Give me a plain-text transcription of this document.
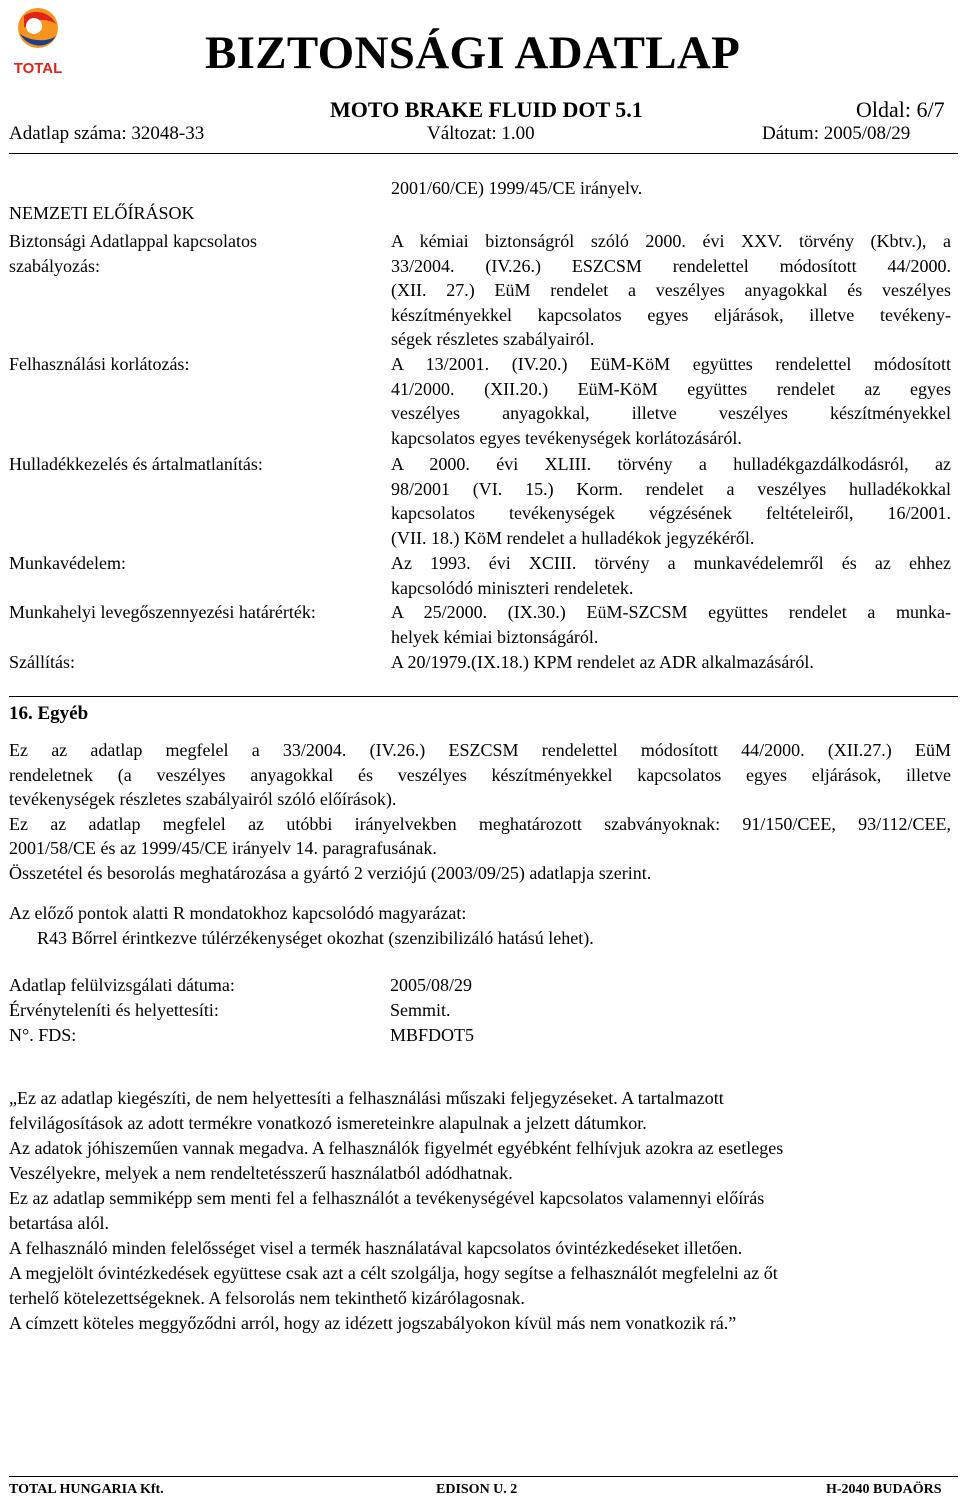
TOTAL	BIZTONSÁGI ADATLAP
MOTO BRAKE FLUID DOT 5.1	Oldal: 6/7
Adatlap száma: 32048-33	Változat: 1.00	Dátum: 2005/08/29
2001/60/CE) 1999/45/CE irányelv.
NEMZETI ELŐÍRÁSOK
Biztonsági Adatlappal kapcsolatos
szabályozás:
A kémiai biztonságról szóló 2000. évi XXV. törvény (Kbtv.), a
33/2004. (IV.26.) ESZCSM rendelettel módosított 44/2000.
(XII. 27.) EüM rendelet a veszélyes anyagokkal és veszélyes
készítményekkel kapcsolatos egyes eljárások, illetve tevékeny-
ségek részletes szabályairól.
Felhasználási korlátozás:	A 13/2001. (IV.20.) EüM-KöM együttes rendelettel módosított
41/2000. (XII.20.) EüM-KöM együttes rendelet az egyes
veszélyes anyagokkal, illetve veszélyes készítményekkel
kapcsolatos egyes tevékenységek korlátozásáról.
Hulladékkezelés és ártalmatlanítás:	A 2000. évi XLIII. törvény a hulladékgazdálkodásról, az
98/2001 (VI. 15.) Korm. rendelet a veszélyes hulladékokkal
kapcsolatos tevékenységek végzésének feltételeiről, 16/2001.
(VII. 18.) KöM rendelet a hulladékok jegyzékéről.
Munkavédelem:	Az 1993. évi XCIII. törvény a munkavédelemről és az ehhez
kapcsolódó miniszteri rendeletek.
Munkahelyi levegőszennyezési határérték:	A 25/2000. (IX.30.) EüM-SZCSM együttes rendelet a munka-
helyek kémiai biztonságáról.
Szállítás:	A 20/1979.(IX.18.) KPM rendelet az ADR alkalmazásáról.
16. Egyéb
Ez az adatlap megfelel a 33/2004. (IV.26.) ESZCSM rendelettel módosított 44/2000. (XII.27.) EüM
rendeletnek (a veszélyes anyagokkal és veszélyes készítményekkel kapcsolatos egyes eljárások, illetve
tevékenységek részletes szabályairól szóló előírások).
Ez az adatlap megfelel az utóbbi irányelvekben meghatározott szabványoknak: 91/150/CEE, 93/112/CEE,
2001/58/CE és az 1999/45/CE irányelv 14. paragrafusának.
Összetétel és besorolás meghatározása a gyártó 2 verziójú (2003/09/25) adatlapja szerint.
Az előző pontok alatti R mondatokhoz kapcsolódó magyarázat:
R43 Bőrrel érintkezve túlérzékenységet okozhat (szenzibilizáló hatású lehet).
Adatlap felülvizsgálati dátuma:	2005/08/29
Érvényteleníti és helyettesíti:	Semmit.
N°. FDS:	MBFDOT5
„Ez az adatlap kiegészíti, de nem helyettesíti a felhasználási műszaki feljegyzéseket. A tartalmazott
felvilágosítások az adott termékre vonatkozó ismereteinkre alapulnak a jelzett dátumkor.
Az adatok jóhiszeműen vannak megadva. A felhasználók figyelmét egyébként felhívjuk azokra az esetleges
Veszélyekre, melyek a nem rendeltetésszerű használatból adódhatnak.
Ez az adatlap semmiképp sem menti fel a felhasználót a tevékenységével kapcsolatos valamennyi előírás
betartása alól.
A felhasználó minden felelősséget visel a termék használatával kapcsolatos óvintézkedéseket illetően.
A megjelölt óvintézkedések együttese csak azt a célt szolgálja, hogy segítse a felhasználót megfelelni az őt
terhelő kötelezettségeknek. A felsorolás nem tekinthető kizárólagosnak.
A címzett köteles meggyőződni arról, hogy az idézett jogszabályokon kívül más nem vonatkozik rá.”
TOTAL HUNGARIA Kft.	EDISON U. 2	H-2040 BUDAÖRS
